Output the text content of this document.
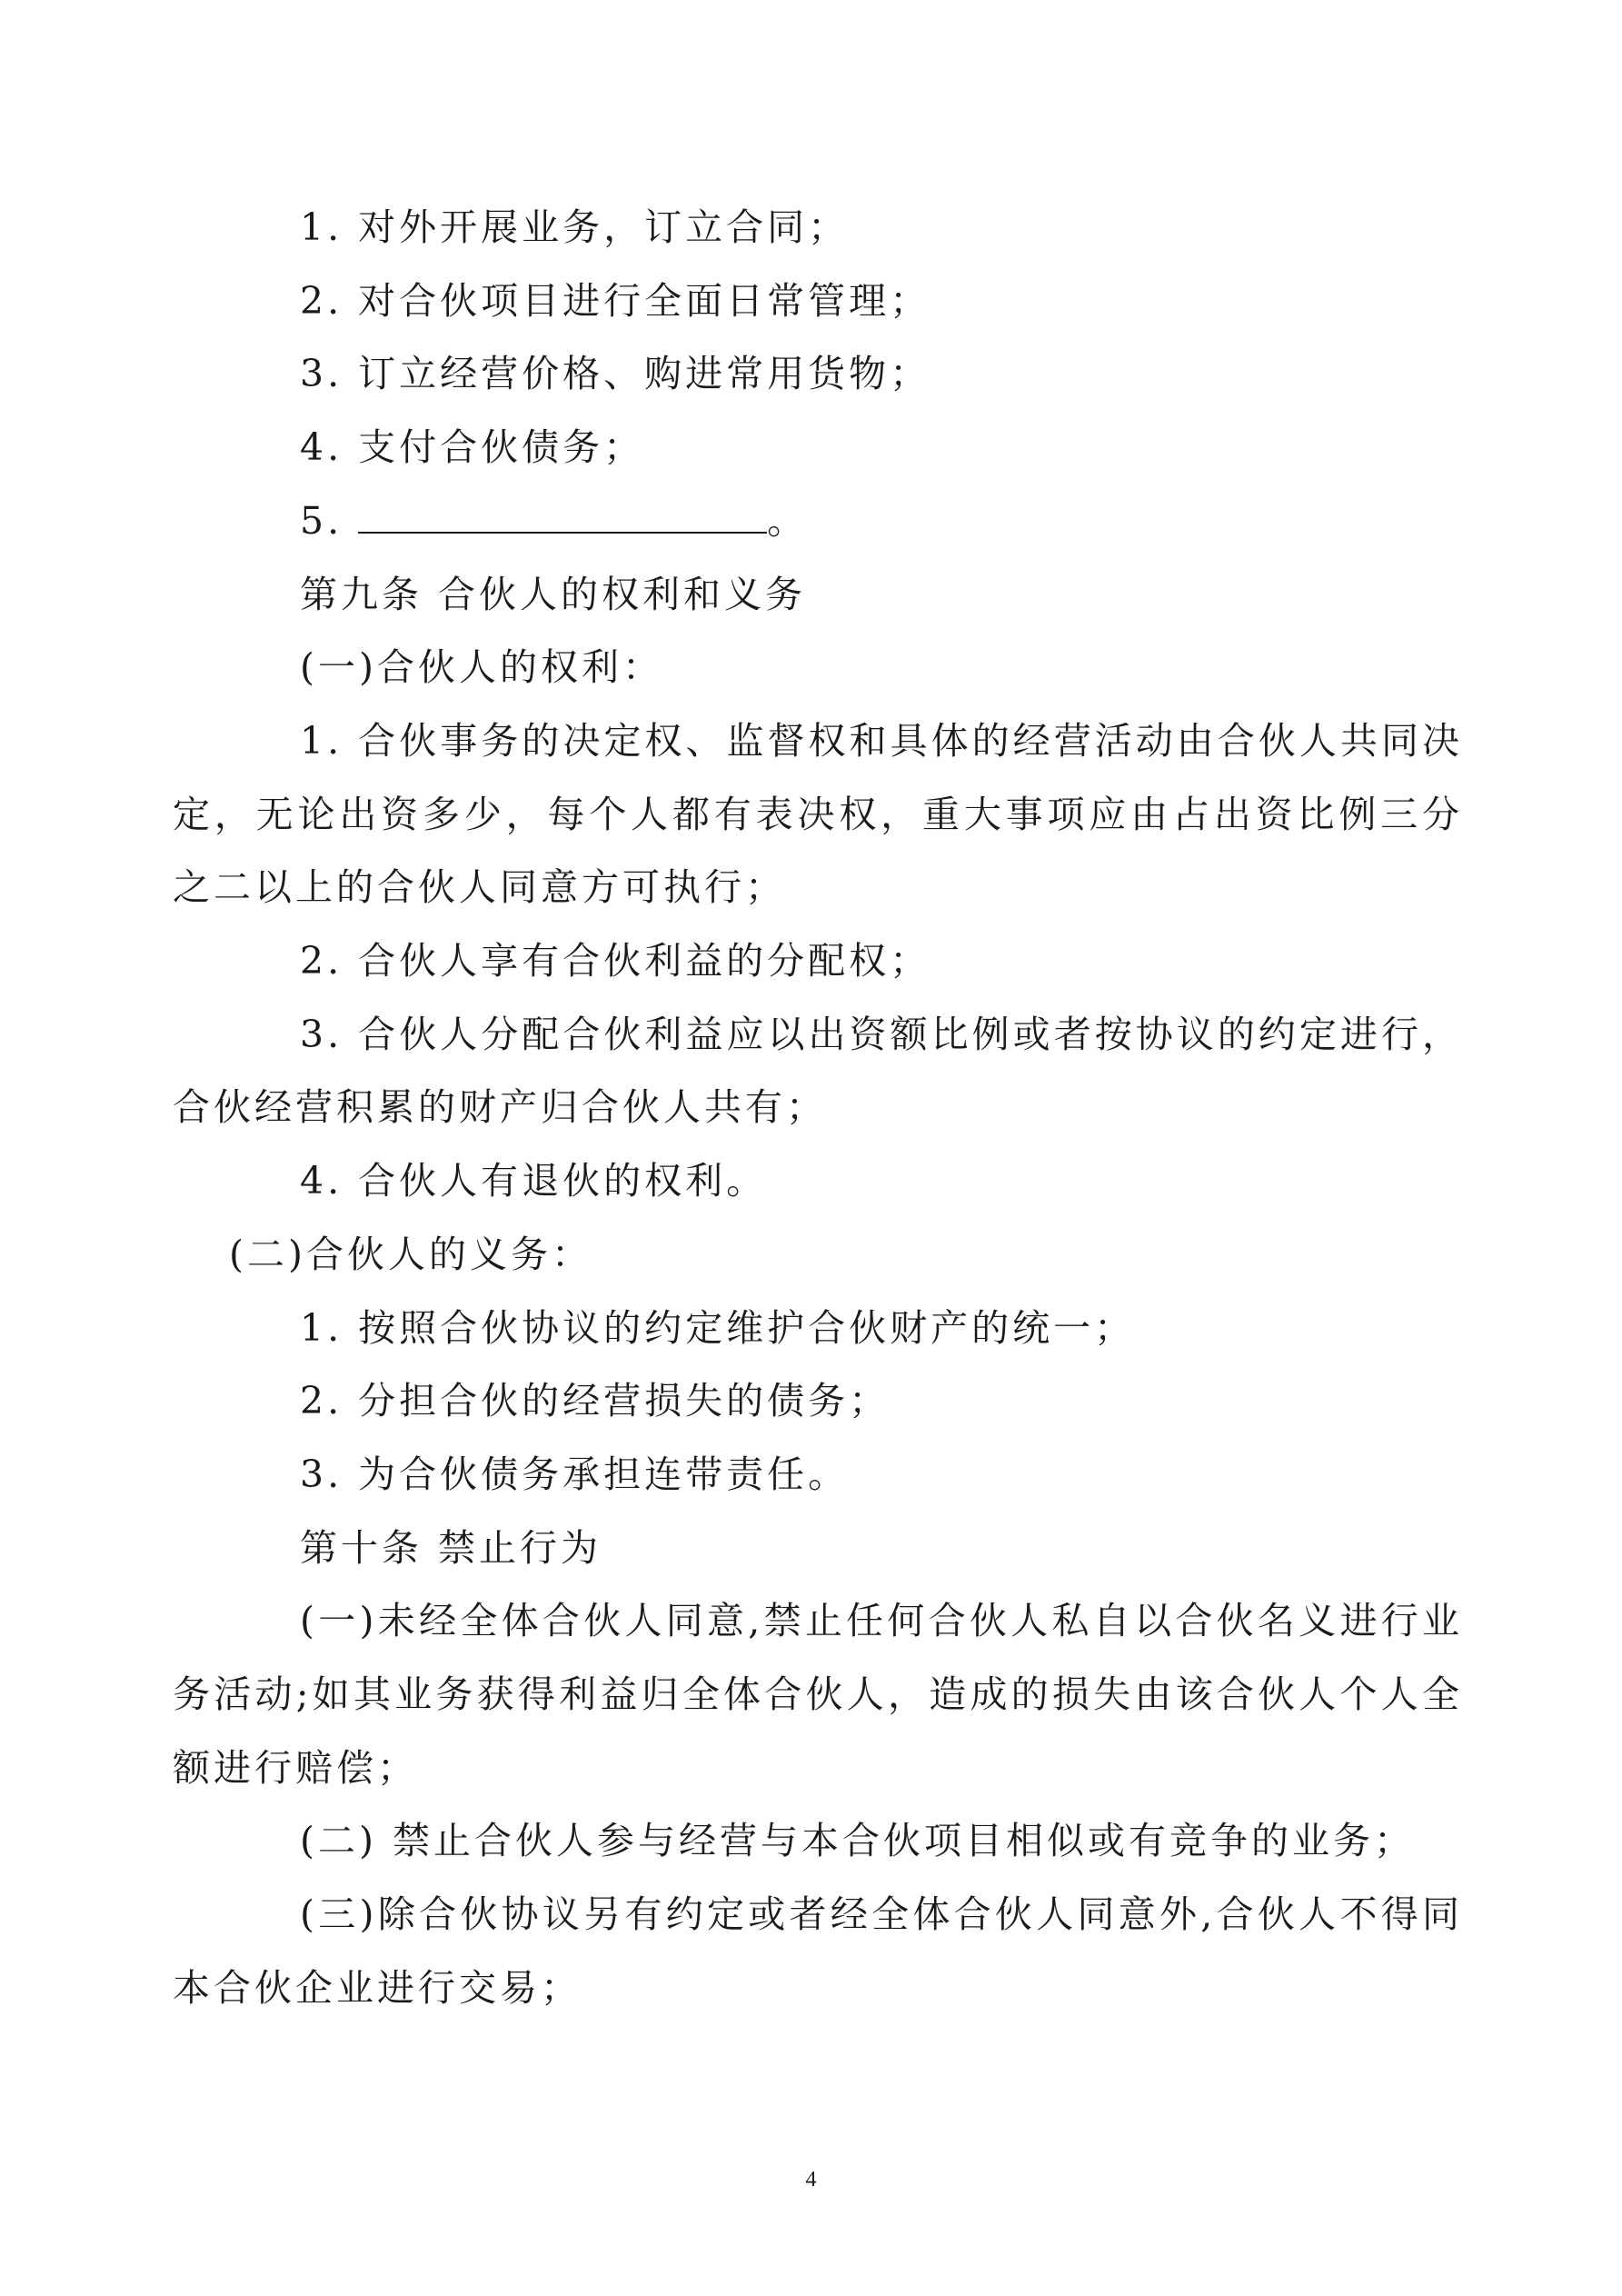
1. 对外开展业务，订立合同；

2. 对合伙项目进行全面日常管理；

3. 订立经营价格、购进常用货物；

4. 支付合伙债务；

5.	。

第九条 合伙人的权利和义务

(一)合伙人的权利：

1. 合伙事务的决定权、监督权和具体的经营活动由合伙人共同决定，无论出资多少，每个人都有表决权，重大事项应由占出资比例三分之二以上的合伙人同意方可执行；

2. 合伙人享有合伙利益的分配权；

3. 合伙人分配合伙利益应以出资额比例或者按协议的约定进行，合伙经营积累的财产归合伙人共有；

4. 合伙人有退伙的权利。

(二)合伙人的义务：

1. 按照合伙协议的约定维护合伙财产的统一；

2. 分担合伙的经营损失的债务；

3. 为合伙债务承担连带责任。

第十条 禁止行为

(一)未经全体合伙人同意,禁止任何合伙人私自以合伙名义进行业务活动;如其业务获得利益归全体合伙人，造成的损失由该合伙人个人全额进行赔偿；

(二) 禁止合伙人参与经营与本合伙项目相似或有竞争的业务；

(三)除合伙协议另有约定或者经全体合伙人同意外,合伙人不得同本合伙企业进行交易；

4
